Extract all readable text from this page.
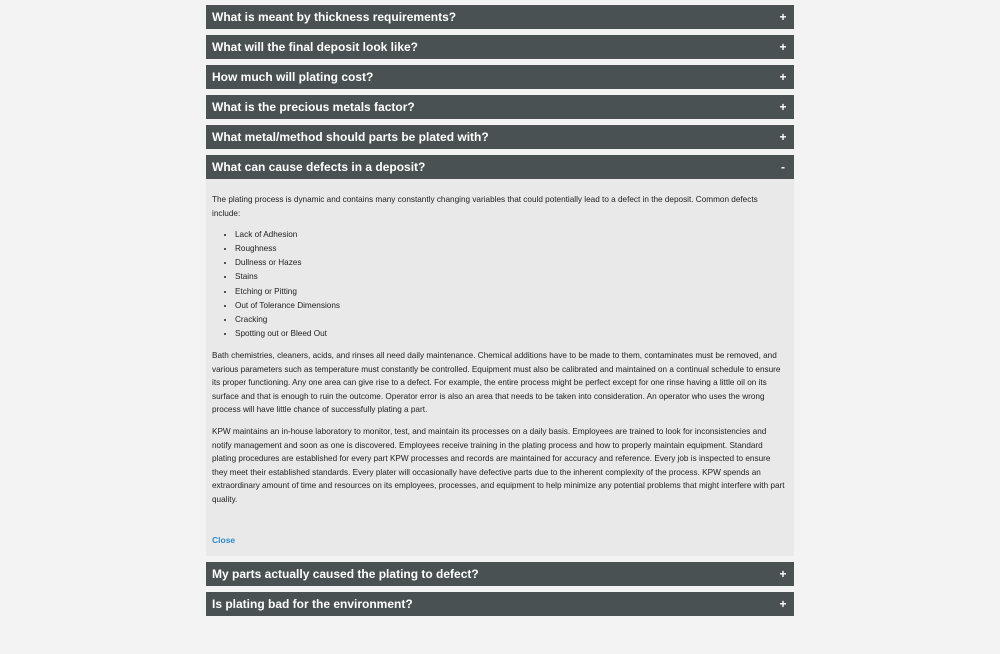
What is meant by thickness requirements?	+
What will the final deposit look like?	+
How much will plating cost?	+
What is the precious metals factor?	+
What metal/method should parts be plated with?	+
What can cause defects in a deposit?	-

The plating process is dynamic and contains many constantly changing variables that could potentially lead to a defect in the deposit. Common defects include:

• Lack of Adhesion
• Roughness
• Dullness or Hazes
• Stains
• Etching or Pitting
• Out of Tolerance Dimensions
• Cracking
• Spotting out or Bleed Out

Bath chemistries, cleaners, acids, and rinses all need daily maintenance. Chemical additions have to be made to them, contaminates must be removed, and various parameters such as temperature must constantly be controlled. Equipment must also be calibrated and maintained on a continual schedule to ensure its proper functioning. Any one area can give rise to a defect. For example, the entire process might be perfect except for one rinse having a little oil on its surface and that is enough to ruin the outcome. Operator error is also an area that needs to be taken into consideration. An operator who uses the wrong process will have little chance of successfully plating a part.

KPW maintains an in-house laboratory to monitor, test, and maintain its processes on a daily basis. Employees are trained to look for inconsistencies and notify management and soon as one is discovered. Employees receive training in the plating process and how to properly maintain equipment. Standard plating procedures are established for every part KPW processes and records are maintained for accuracy and reference. Every job is inspected to ensure they meet their established standards. Every plater will occasionally have defective parts due to the inherent complexity of the process. KPW spends an extraordinary amount of time and resources on its employees, processes, and equipment to help minimize any potential problems that might interfere with part quality.

Close
My parts actually caused the plating to defect?	+
Is plating bad for the environment?	+
